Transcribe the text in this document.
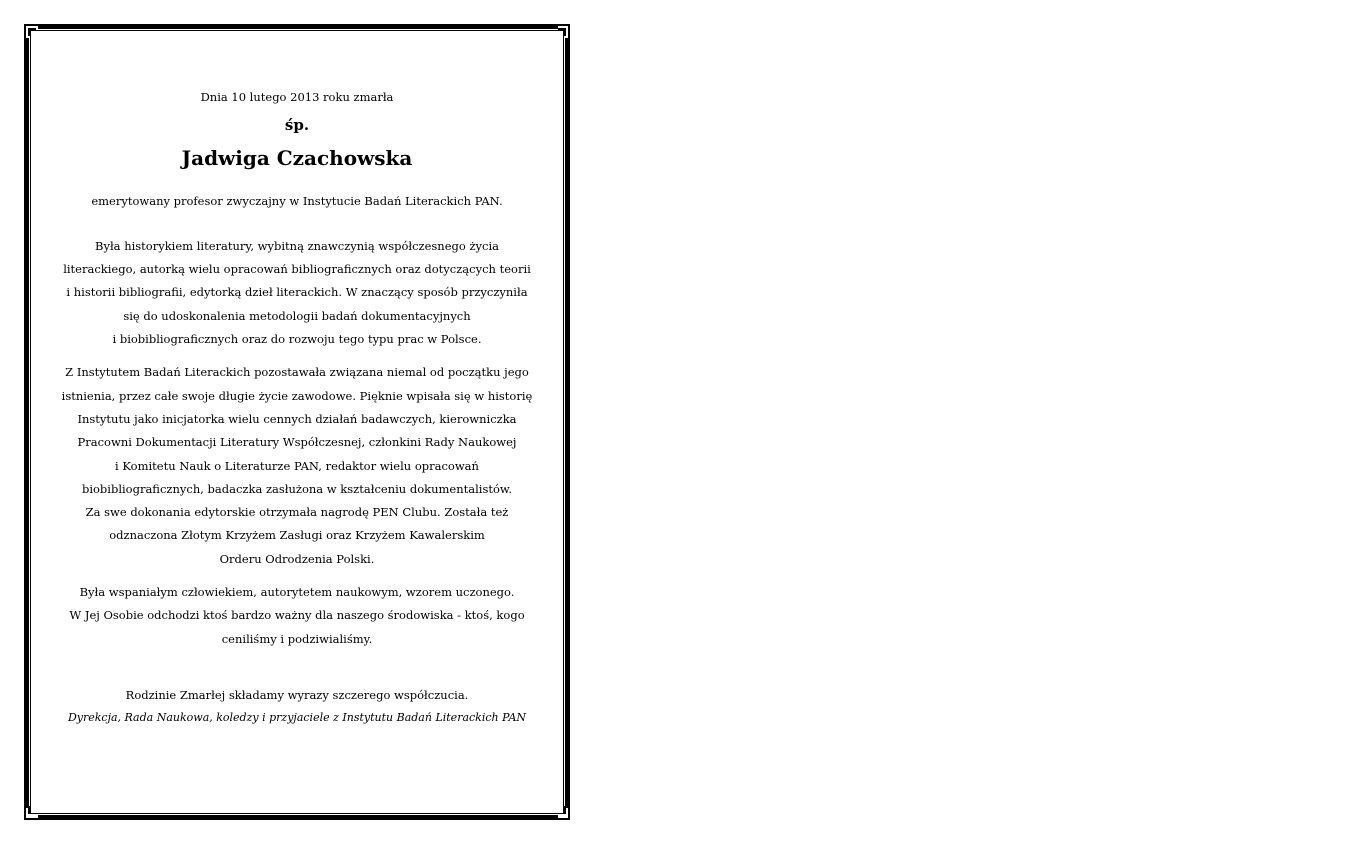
Dnia 10 lutego 2013 roku zmarła
śp.
Jadwiga Czachowska
emerytowany profesor zwyczajny w Instytucie Badań Literackich PAN.
Była historykiem literatury, wybitną znawczynią współczesnego życia
literackiego, autorką wielu opracowań bibliograficznych oraz dotyczących teorii
i historii bibliografii, edytorką dzieł literackich. W znaczący sposób przyczyniła
się do udoskonalenia metodologii badań dokumentacyjnych
i biobibliograficznych oraz do rozwoju tego typu prac w Polsce.
Z Instytutem Badań Literackich pozostawała związana niemal od początku jego
istnienia, przez całe swoje długie życie zawodowe. Pięknie wpisała się w historię
Instytutu jako inicjatorka wielu cennych działań badawczych, kierowniczka
Pracowni Dokumentacji Literatury Współczesnej, członkini Rady Naukowej
i Komitetu Nauk o Literaturze PAN, redaktor wielu opracowań
biobibliograficznych, badaczka zasłużona w kształceniu dokumentalistów.
Za swe dokonania edytorskie otrzymała nagrodę PEN Clubu. Została też
odznaczona Złotym Krzyżem Zasługi oraz Krzyżem Kawalerskim
Orderu Odrodzenia Polski.
Była wspaniałym człowiekiem, autorytetem naukowym, wzorem uczonego.
W Jej Osobie odchodzi ktoś bardzo ważny dla naszego środowiska - ktoś, kogo
ceniliśmy i podziwialiśmy.
Rodzinie Zmarłej składamy wyrazy szczerego współczucia.
Dyrekcja, Rada Naukowa, koledzy i przyjaciele z Instytutu Badań Literackich PAN
